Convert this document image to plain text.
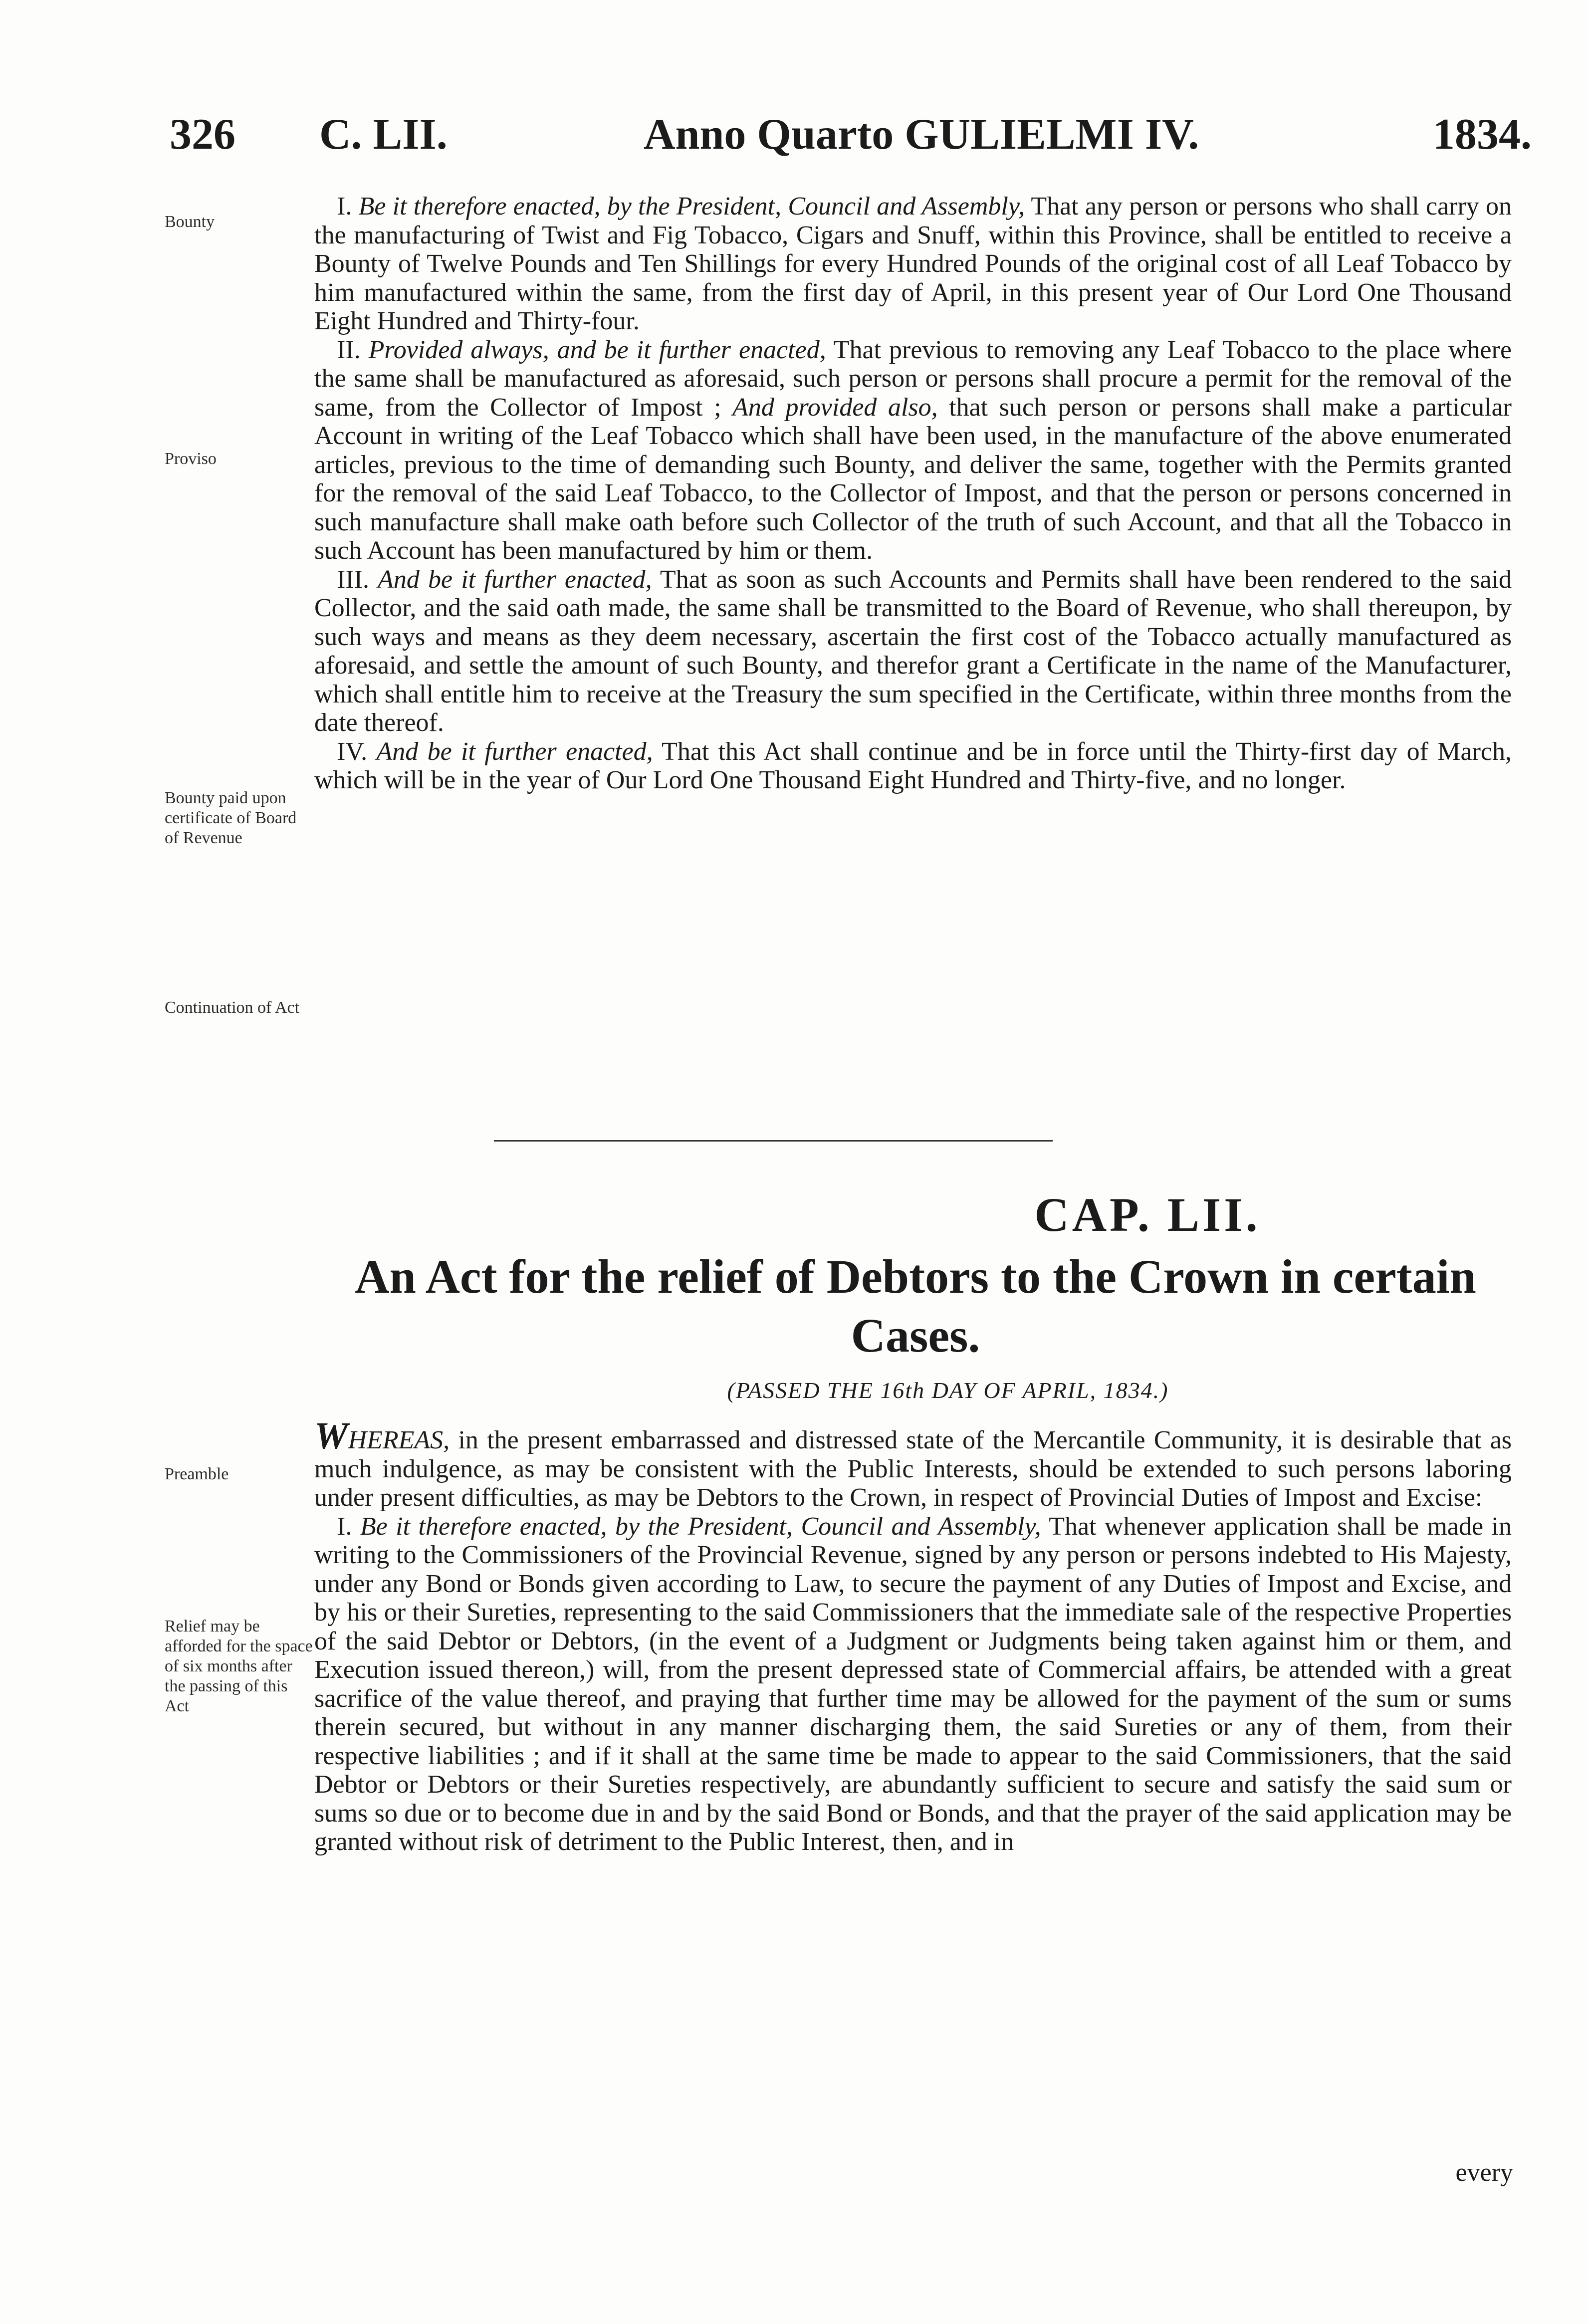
326 C. LII.	Anno Quarto GULIELMI IV.	1834.
Bounty
Proviso
Bounty paid upon certificate of Board of Revenue
Continuation of Act
Preamble
Relief may be afforded for the space of six months after the passing of this Act

I. Be it therefore enacted, by the President, Council and Assembly, That any person or persons who shall carry on the manufacturing of Twist and Fig Tobacco, Cigars and Snuff, within this Province, shall be entitled to receive a Bounty of Twelve Pounds and Ten Shillings for every Hundred Pounds of the original cost of all Leaf Tobacco by him manufactured within the same, from the first day of April, in this present year of Our Lord One Thousand Eight Hundred and Thirty-four.

II. Provided always, and be it further enacted, That previous to removing any Leaf Tobacco to the place where the same shall be manufactured as aforesaid, such person or persons shall procure a permit for the removal of the same, from the Collector of Impost ; And provided also, that such person or persons shall make a particular Account in writing of the Leaf Tobacco which shall have been used, in the manufacture of the above enumerated articles, previous to the time of demanding such Bounty, and deliver the same, together with the Permits granted for the removal of the said Leaf Tobacco, to the Collector of Impost, and that the person or persons concerned in such manufacture shall make oath before such Collector of the truth of such Account, and that all the Tobacco in such Account has been manufactured by him or them.

III. And be it further enacted, That as soon as such Accounts and Permits shall have been rendered to the said Collector, and the said oath made, the same shall be transmitted to the Board of Revenue, who shall thereupon, by such ways and means as they deem necessary, ascertain the first cost of the Tobacco actually manufactured as aforesaid, and settle the amount of such Bounty, and therefor grant a Certificate in the name of the Manufacturer, which shall entitle him to receive at the Treasury the sum specified in the Certificate, within three months from the date thereof.

IV. And be it further enacted, That this Act shall continue and be in force until the Thirty-first day of March, which will be in the year of Our Lord One Thousand Eight Hundred and Thirty-five, and no longer.

CAP. LII.
An Act for the relief of Debtors to the Crown in certain Cases.
(PASSED THE 16th DAY OF APRIL, 1834.)

WHEREAS, in the present embarrassed and distressed state of the Mercantile Community, it is desirable that as much indulgence, as may be consistent with the Public Interests, should be extended to such persons laboring under present difficulties, as may be Debtors to the Crown, in respect of Provincial Duties of Impost and Excise:

I. Be it therefore enacted, by the President, Council and Assembly, That whenever application shall be made in writing to the Commissioners of the Provincial Revenue, signed by any person or persons indebted to His Majesty, under any Bond or Bonds given according to Law, to secure the payment of any Duties of Impost and Excise, and by his or their Sureties, representing to the said Commissioners that the immediate sale of the respective Properties of the said Debtor or Debtors, (in the event of a Judgment or Judgments being taken against him or them, and Execution issued thereon,) will, from the present depressed state of Commercial affairs, be attended with a great sacrifice of the value thereof, and praying that further time may be allowed for the payment of the sum or sums therein secured, but without in any manner discharging them, the said Sureties or any of them, from their respective liabilities ; and if it shall at the same time be made to appear to the said Commissioners, that the said Debtor or Debtors or their Sureties respectively, are abundantly sufficient to secure and satisfy the said sum or sums so due or to become due in and by the said Bond or Bonds, and that the prayer of the said application may be granted without risk of detriment to the Public Interest, then, and in

every
